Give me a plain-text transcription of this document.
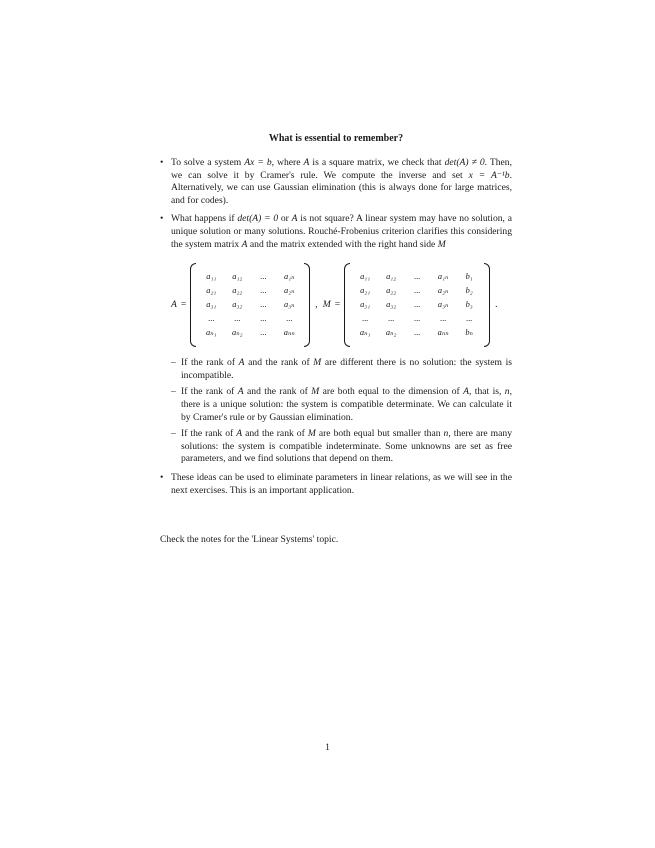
What is essential to remember?
• To solve a system Ax = b, where A is a square matrix, we check that det(A) ≠ 0. Then, we can solve it by Cramer's rule. We compute the inverse and set x = A⁻¹b. Alternatively, we can use Gaussian elimination (this is always done for large matrices, and for codes).
• What happens if det(A) = 0 or A is not square? A linear system may have no solution, a unique solution or many solutions. Rouché-Frobenius criterion clarifies this considering the system matrix A and the matrix extended with the right hand side M
A =
a₁₁	a₁₂	...	a₁ₙ
a₂₁	a₂₂	...	a₂ₙ
a₃₁	a₃₂	...	a₃ₙ
...	...	...	...
aₙ₁	aₙ₂	...	aₙₙ
, M =
a₁₁	a₁₂	...	a₁ₙ	b₁
a₂₁	a₂₂	...	a₂ₙ	b₂
a₃₁	a₃₂	...	a₃ₙ	b₃
...	...	...	...	...
aₙ₁	aₙ₂	...	aₙₙ	bₙ
.
– If the rank of A and the rank of M are different there is no solution: the system is incompatible.
– If the rank of A and the rank of M are both equal to the dimension of A, that is, n, there is a unique solution: the system is compatible determinate. We can calculate it by Cramer's rule or by Gaussian elimination.
– If the rank of A and the rank of M are both equal but smaller than n, there are many solutions: the system is compatible indeterminate. Some unknowns are set as free parameters, and we find solutions that depend on them.
• These ideas can be used to eliminate parameters in linear relations, as we will see in the next exercises. This is an important application.
Check the notes for the 'Linear Systems' topic.
1
